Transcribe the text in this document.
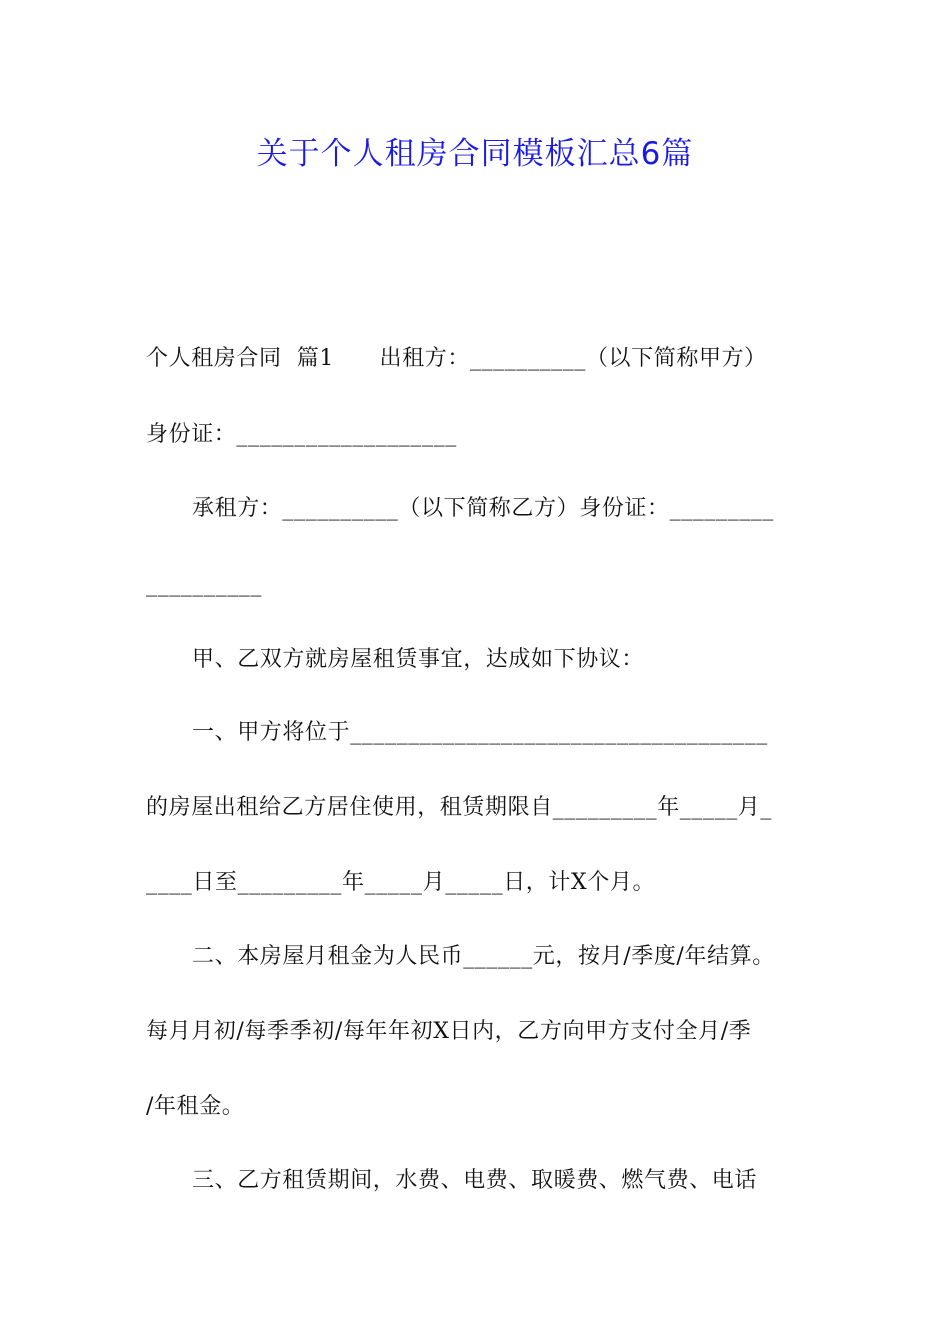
关于个人租房合同模板汇总6篇
个人租房合同  篇1      出租方：__________（以下简称甲方）
身份证：___________________
承租方：__________（以下简称乙方）身份证：_________
__________
甲、乙双方就房屋租赁事宜，达成如下协议：
一、甲方将位于____________________________________
的房屋出租给乙方居住使用，租赁期限自_________年_____月_
____日至_________年_____月_____日，计X个月。
二、本房屋月租金为人民币______元，按月/季度/年结算。
每月月初/每季季初/每年年初X日内，乙方向甲方支付全月/季
/年租金。
三、乙方租赁期间，水费、电费、取暖费、燃气费、电话
